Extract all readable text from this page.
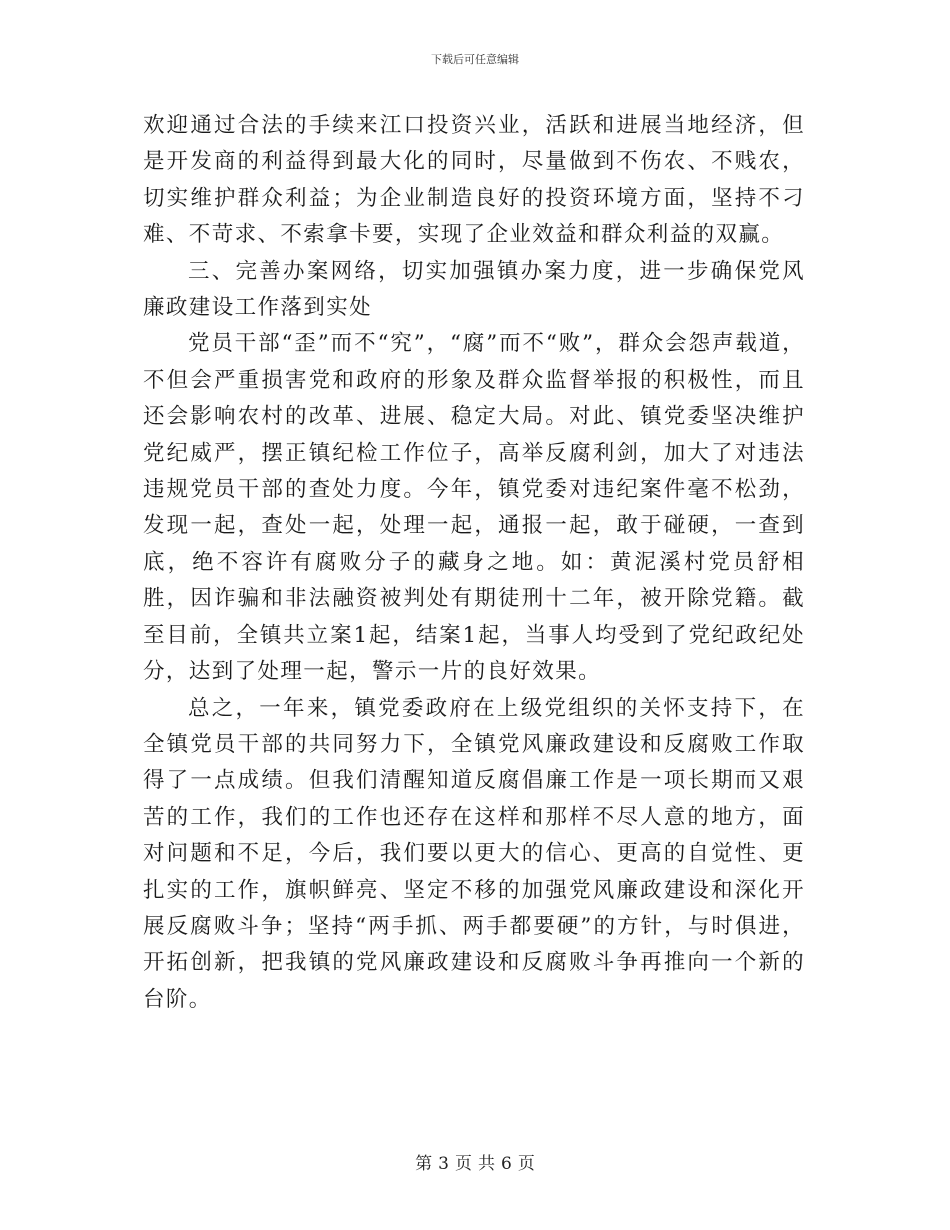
下载后可任意编辑

欢迎通过合法的手续来江口投资兴业，活跃和进展当地经济，但是开发商的利益得到最大化的同时，尽量做到不伤农、不贱农，切实维护群众利益；为企业制造良好的投资环境方面，坚持不刁难、不苛求、不索拿卡要，实现了企业效益和群众利益的双赢。

三、完善办案网络，切实加强镇办案力度，进一步确保党风廉政建设工作落到实处

党员干部“歪”而不“究”，“腐”而不“败”，群众会怨声载道，不但会严重损害党和政府的形象及群众监督举报的积极性，而且还会影响农村的改革、进展、稳定大局。对此、镇党委坚决维护党纪威严，摆正镇纪检工作位子，高举反腐利剑，加大了对违法违规党员干部的查处力度。今年，镇党委对违纪案件毫不松劲，发现一起，查处一起，处理一起，通报一起，敢于碰硬，一查到底，绝不容许有腐败分子的藏身之地。如：黄泥溪村党员舒相胜，因诈骗和非法融资被判处有期徒刑十二年，被开除党籍。截至目前，全镇共立案1起，结案1起，当事人均受到了党纪政纪处分，达到了处理一起，警示一片的良好效果。

总之，一年来，镇党委政府在上级党组织的关怀支持下，在全镇党员干部的共同努力下，全镇党风廉政建设和反腐败工作取得了一点成绩。但我们清醒知道反腐倡廉工作是一项长期而又艰苦的工作，我们的工作也还存在这样和那样不尽人意的地方，面对问题和不足，今后，我们要以更大的信心、更高的自觉性、更扎实的工作，旗帜鲜亮、坚定不移的加强党风廉政建设和深化开展反腐败斗争；坚持“两手抓、两手都要硬”的方针，与时俱进，开拓创新，把我镇的党风廉政建设和反腐败斗争再推向一个新的台阶。

第 3 页 共 6 页
